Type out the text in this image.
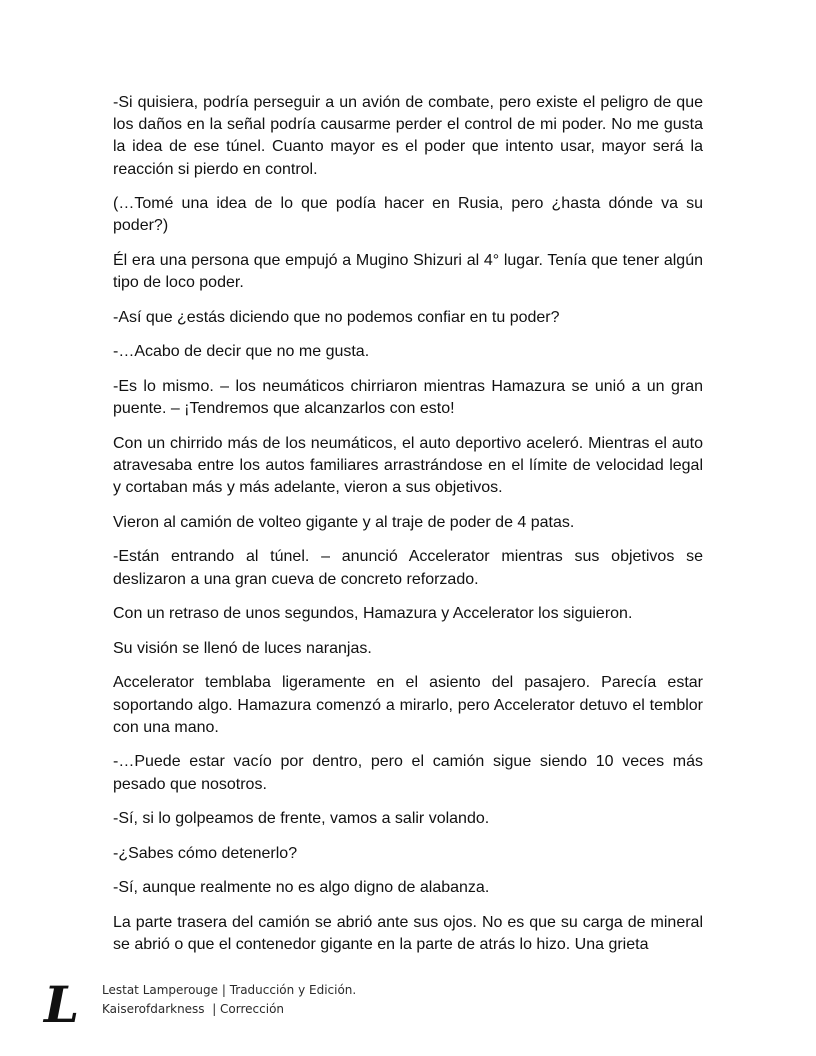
-Si quisiera, podría perseguir a un avión de combate, pero existe el peligro de que los daños en la señal podría causarme perder el control de mi poder. No me gusta la idea de ese túnel. Cuanto mayor es el poder que intento usar, mayor será la reacción si pierdo en control.

(…Tomé una idea de lo que podía hacer en Rusia, pero ¿hasta dónde va su poder?)

Él era una persona que empujó a Mugino Shizuri al 4° lugar. Tenía que tener algún tipo de loco poder.

-Así que ¿estás diciendo que no podemos confiar en tu poder?

-…Acabo de decir que no me gusta.

-Es lo mismo. – los neumáticos chirriaron mientras Hamazura se unió a un gran puente. – ¡Tendremos que alcanzarlos con esto!

Con un chirrido más de los neumáticos, el auto deportivo aceleró. Mientras el auto atravesaba entre los autos familiares arrastrándose en el límite de velocidad legal y cortaban más y más adelante, vieron a sus objetivos.

Vieron al camión de volteo gigante y al traje de poder de 4 patas.

-Están entrando al túnel. – anunció Accelerator mientras sus objetivos se deslizaron a una gran cueva de concreto reforzado.

Con un retraso de unos segundos, Hamazura y Accelerator los siguieron.

Su visión se llenó de luces naranjas.

Accelerator temblaba ligeramente en el asiento del pasajero. Parecía estar soportando algo. Hamazura comenzó a mirarlo, pero Accelerator detuvo el temblor con una mano.

-…Puede estar vacío por dentro, pero el camión sigue siendo 10 veces más pesado que nosotros.

-Sí, si lo golpeamos de frente, vamos a salir volando.

-¿Sabes cómo detenerlo?

-Sí, aunque realmente no es algo digno de alabanza.

La parte trasera del camión se abrió ante sus ojos. No es que su carga de mineral se abrió o que el contenedor gigante en la parte de atrás lo hizo. Una grieta

L Lestat Lamperouge | Traducción y Edición.
Kaiserofdarkness  | Corrección
